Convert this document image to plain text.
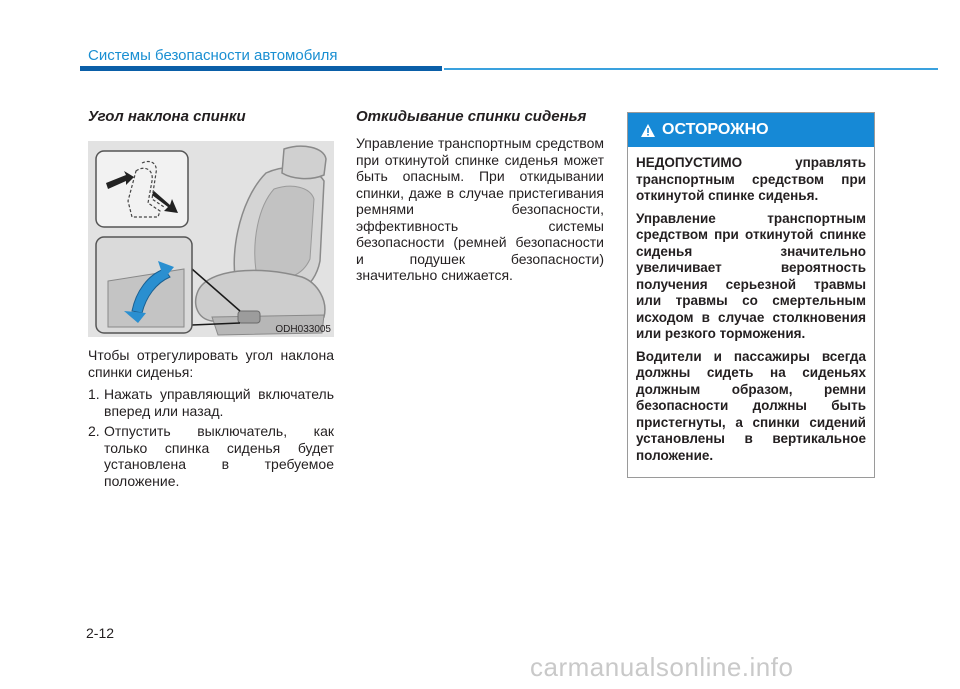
Системы безопасности автомобиля
Угол наклона спинки
ODH033005

Чтобы отрегулировать угол наклона спинки сиденья:

1. Нажать управляющий включатель вперед или назад.
2. Отпустить выключатель, как только спинка сиденья будет установлена в требуемое положение.
Откидывание спинки сиденья

Управление транспортным средством при откинутой спинке сиденья может быть опасным. При откидывании спинки, даже в случае пристегивания ремнями безопасности, эффективность системы безопасности (ремней безопасности и подушек безопасности) значительно снижается.

ОСТОРОЖНО

НЕДОПУСТИМО управлять транспортным средством при откинутой спинке сиденья.

Управление транспортным средством при откинутой спинке сиденья значительно увеличивает вероятность получения серьезной травмы или травмы со смертельным исходом в случае столкновения или резкого торможения.

Водители и пассажиры всегда должны сидеть на сиденьях должным образом, ремни безопасности должны быть пристегнуты, а спинки сидений установлены в вертикальное положение.

2-12
carmanualsonline.info
